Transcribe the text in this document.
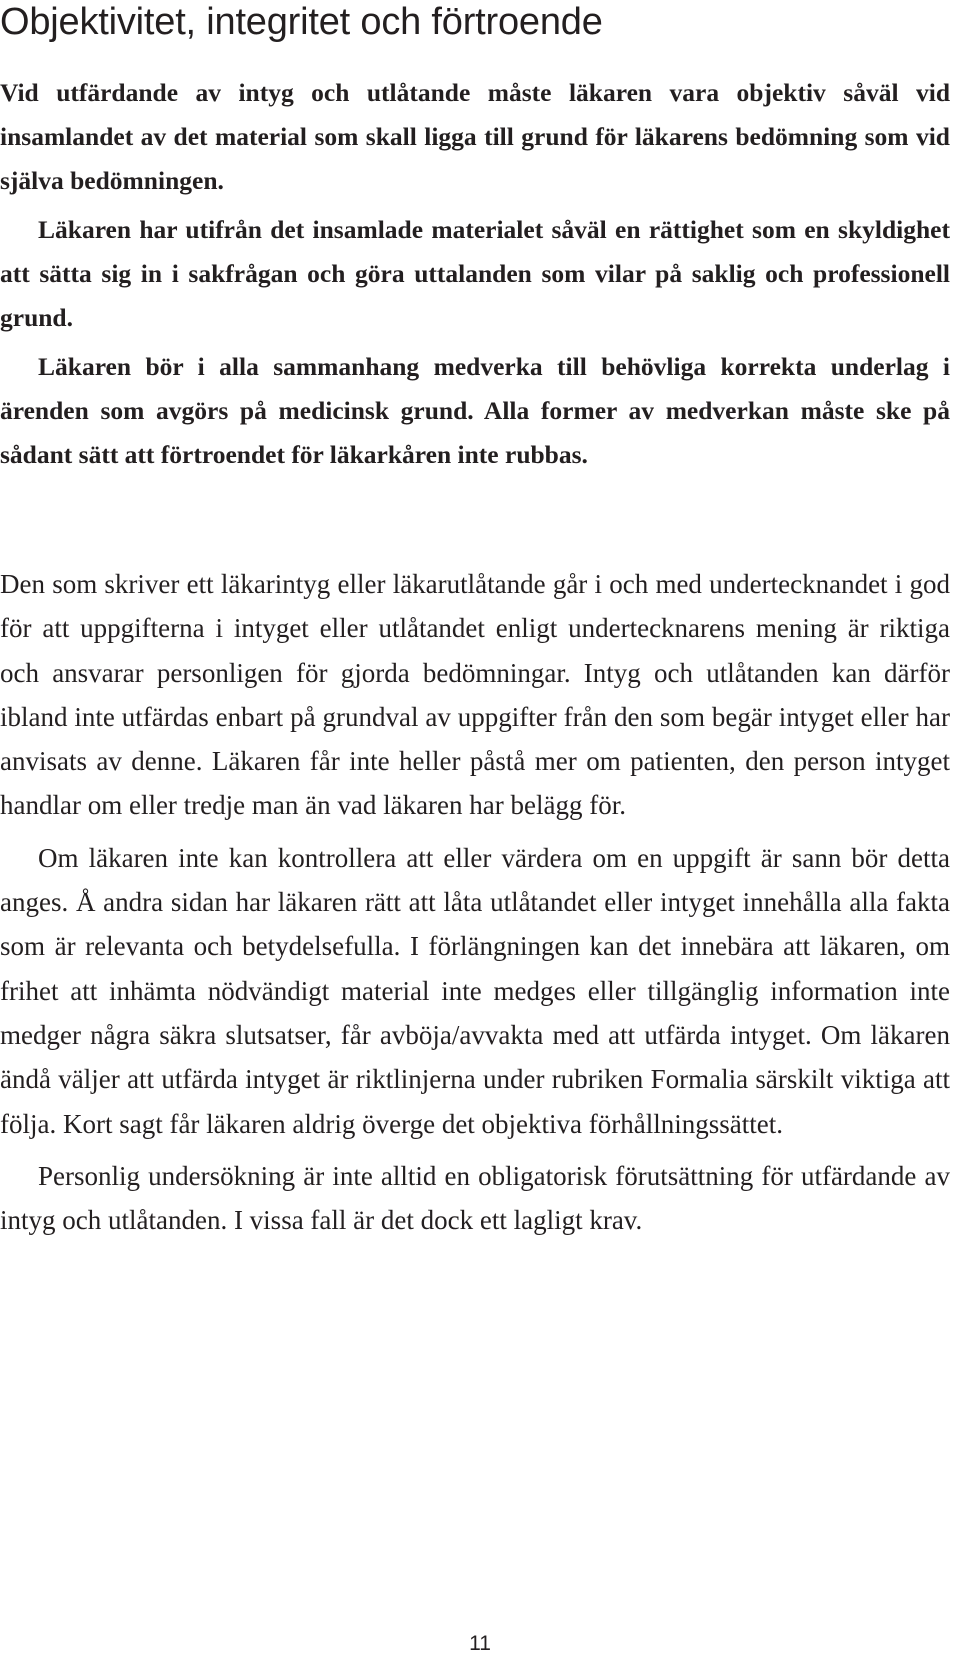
Objektivitet, integritet och förtroende

Vid utfärdande av intyg och utlåtande måste läkaren vara objektiv såväl vid insamlandet av det material som skall ligga till grund för läkarens bedömning som vid själva bedömningen.

Läkaren har utifrån det insamlade materialet såväl en rättighet som en skyldighet att sätta sig in i sakfrågan och göra uttalanden som vilar på saklig och professionell grund.

Läkaren bör i alla sammanhang medverka till behövliga korrekta underlag i ärenden som avgörs på medicinsk grund. Alla former av medverkan måste ske på sådant sätt att förtroendet för läkarkåren inte rubbas.

Den som skriver ett läkarintyg eller läkarutlåtande går i och med undertecknandet i god för att uppgifterna i intyget eller utlåtandet enligt undertecknarens mening är riktiga och ansvarar personligen för gjorda bedömningar. Intyg och utlåtanden kan därför ibland inte utfärdas enbart på grundval av uppgifter från den som begär intyget eller har anvisats av denne. Läkaren får inte heller påstå mer om patienten, den person intyget handlar om eller tredje man än vad läkaren har belägg för.

Om läkaren inte kan kontrollera att eller värdera om en uppgift är sann bör detta anges. Å andra sidan har läkaren rätt att låta utlåtandet eller intyget innehålla alla fakta som är relevanta och betydelsefulla. I förlängningen kan det innebära att läkaren, om frihet att inhämta nödvändigt material inte medges eller tillgänglig information inte medger några säkra slutsatser, får avböja/avvakta med att utfärda intyget. Om läkaren ändå väljer att utfärda intyget är riktlinjerna under rubriken Formalia särskilt viktiga att följa. Kort sagt får läkaren aldrig överge det objektiva förhållningssättet.

Personlig undersökning är inte alltid en obligatorisk förutsättning för utfärdande av intyg och utlåtanden. I vissa fall är det dock ett lagligt krav.

11
